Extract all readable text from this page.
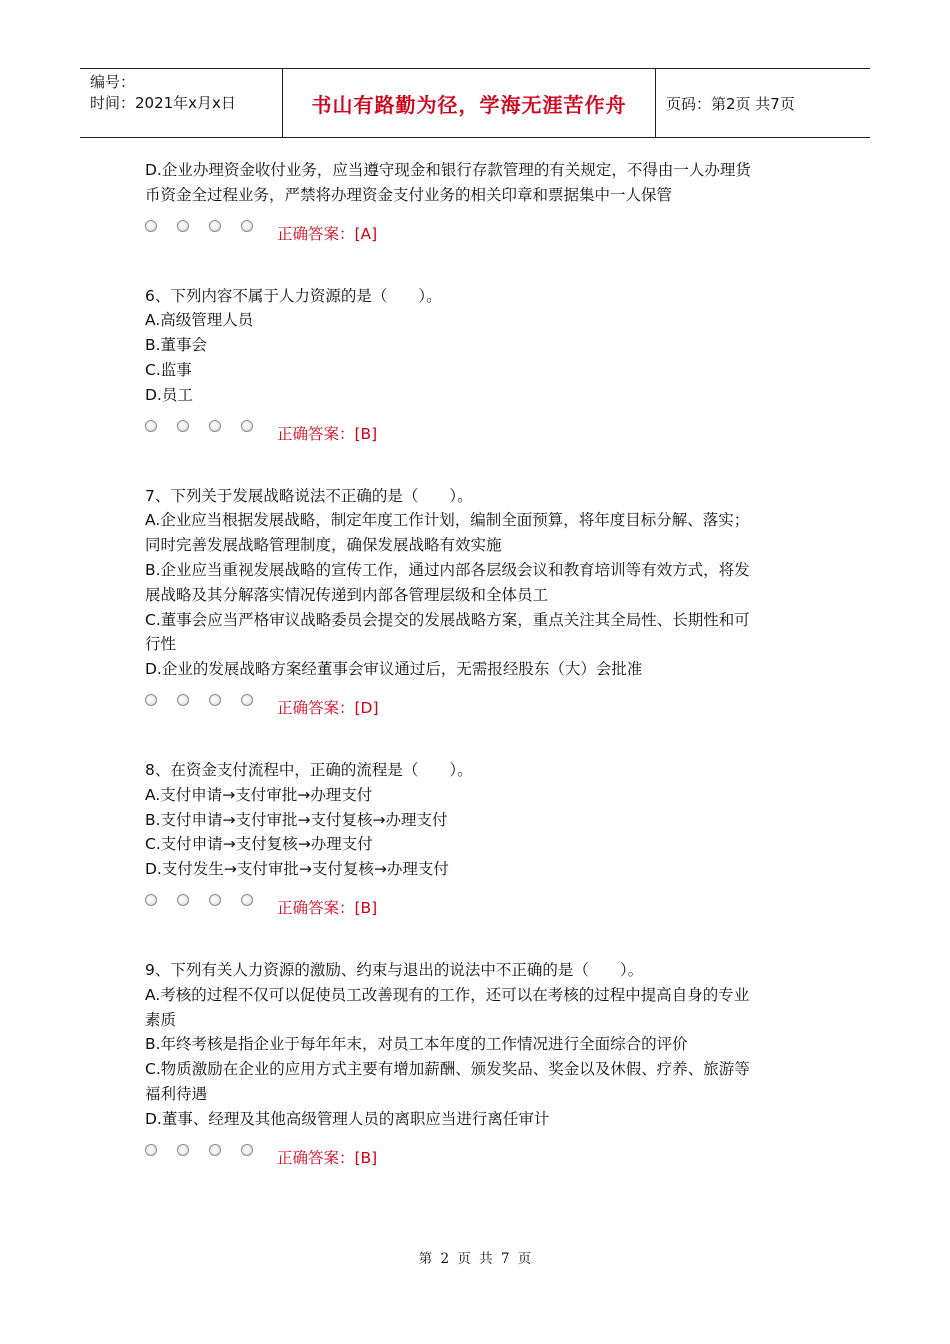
编号：
时间：2021年x月x日	书山有路勤为径，学海无涯苦作舟	页码：第2页 共7页
D.企业办理资金收付业务，应当遵守现金和银行存款管理的有关规定，不得由一人办理货
币资金全过程业务，严禁将办理资金支付业务的相关印章和票据集中一人保管
正确答案：[A]
6、下列内容不属于人力资源的是（　　）。
A.高级管理人员
B.董事会
C.监事
D.员工
正确答案：[B]
7、下列关于发展战略说法不正确的是（　　）。
A.企业应当根据发展战略，制定年度工作计划，编制全面预算，将年度目标分解、落实；
同时完善发展战略管理制度，确保发展战略有效实施
B.企业应当重视发展战略的宣传工作，通过内部各层级会议和教育培训等有效方式，将发
展战略及其分解落实情况传递到内部各管理层级和全体员工
C.董事会应当严格审议战略委员会提交的发展战略方案，重点关注其全局性、长期性和可
行性
D.企业的发展战略方案经董事会审议通过后，无需报经股东（大）会批准
正确答案：[D]
8、在资金支付流程中，正确的流程是（　　）。
A.支付申请→支付审批→办理支付
B.支付申请→支付审批→支付复核→办理支付
C.支付申请→支付复核→办理支付
D.支付发生→支付审批→支付复核→办理支付
正确答案：[B]
9、下列有关人力资源的激励、约束与退出的说法中不正确的是（　　）。
A.考核的过程不仅可以促使员工改善现有的工作，还可以在考核的过程中提高自身的专业
素质
B.年终考核是指企业于每年年末，对员工本年度的工作情况进行全面综合的评价
C.物质激励在企业的应用方式主要有增加薪酬、颁发奖品、奖金以及休假、疗养、旅游等
福利待遇
D.董事、经理及其他高级管理人员的离职应当进行离任审计
正确答案：[B]
第 2 页 共 7 页
